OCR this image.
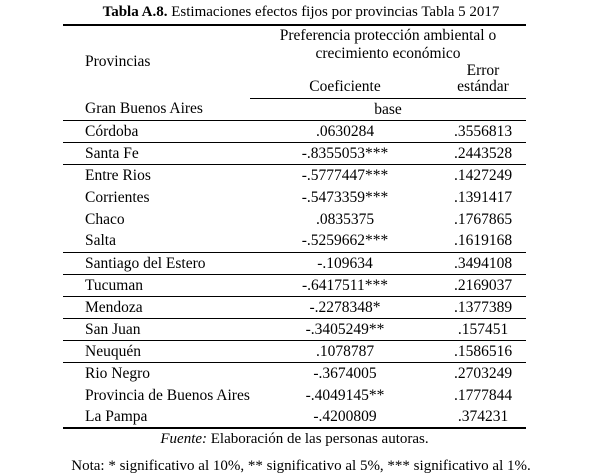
Tabla A.8. Estimaciones efectos fijos por provincias Tabla 5 2017
Provincias	Preferencia protección ambiental o crecimiento económico	

	Coeficiente	Error estándar

Gran Buenos Aires	base	
Córdoba	.0630284	.3556813
Santa Fe	-.8355053***	.2443528
Entre Rios	-.5777447***	.1427249
Corrientes	-.5473359***	.1391417
Chaco	.0835375	.1767865
Salta	-.5259662***	.1619168
Santiago del Estero	-.109634	.3494108
Tucuman	-.6417511***	.2169037
Mendoza	-.2278348*	.1377389
San Juan	-.3405249**	.157451
Neuquén	.1078787	.1586516
Rio Negro	-.3674005	.2703249
Provincia de Buenos Aires	-.4049145**	.1777844
La Pampa	-.4200809	.374231
Fuente: Elaboración de las personas autoras.
Nota: * significativo al 10%, ** significativo al 5%, *** significativo al 1%.
